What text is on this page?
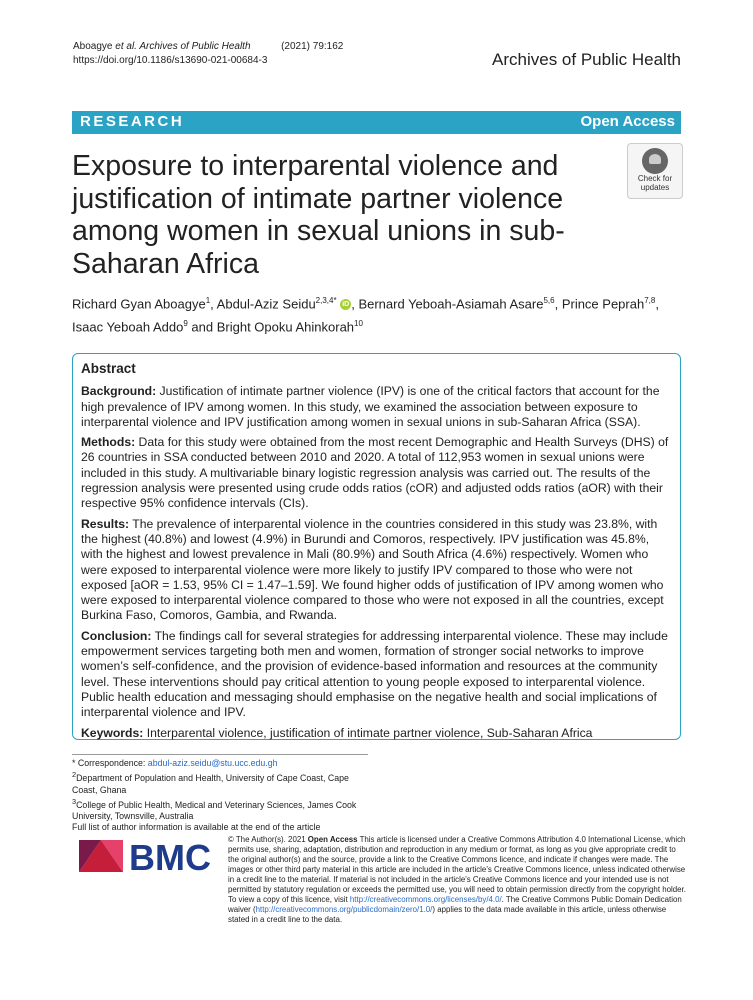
Aboagye et al. Archives of Public Health	(2021) 79:162
https://doi.org/10.1186/s13690-021-00684-3	Archives of Public Health
RESEARCH	Open Access
Exposure to interparental violence and justification of intimate partner violence among women in sexual unions in sub-Saharan Africa
Check for
updates
Richard Gyan Aboagye$^1$, Abdul-Aziz Seidu$^{2,3,4*}$ iD , Bernard Yeboah-Asiamah Asare$^{5,6}$, Prince Peprah$^{7,8}$, Isaac Yeboah Addo$^9$ and Bright Opoku Ahinkorah$^{10}$
Abstract

Background: Justification of intimate partner violence (IPV) is one of the critical factors that account for the high prevalence of IPV among women. In this study, we examined the association between exposure to interparental violence and IPV justification among women in sexual unions in sub-Saharan Africa (SSA).

Methods: Data for this study were obtained from the most recent Demographic and Health Surveys (DHS) of 26 countries in SSA conducted between 2010 and 2020. A total of 112,953 women in sexual unions were included in this study. A multivariable binary logistic regression analysis was carried out. The results of the regression analysis were presented using crude odds ratios (cOR) and adjusted odds ratios (aOR) with their respective 95% confidence intervals (CIs).

Results: The prevalence of interparental violence in the countries considered in this study was 23.8%, with the highest (40.8%) and lowest (4.9%) in Burundi and Comoros, respectively. IPV justification was 45.8%, with the highest and lowest prevalence in Mali (80.9%) and South Africa (4.6%) respectively. Women who were exposed to interparental violence were more likely to justify IPV compared to those who were not exposed [aOR = 1.53, 95% CI = 1.47–1.59]. We found higher odds of justification of IPV among women who were exposed to interparental violence compared to those who were not exposed in all the countries, except Burkina Faso, Comoros, Gambia, and Rwanda.

Conclusion: The findings call for several strategies for addressing interparental violence. These may include empowerment services targeting both men and women, formation of stronger social networks to improve women’s self-confidence, and the provision of evidence-based information and resources at the community level. These interventions should pay critical attention to young people exposed to interparental violence. Public health education and messaging should emphasise on the negative health and social implications of interparental violence and IPV.

Keywords: Interparental violence, justification of intimate partner violence, Sub-Saharan Africa

* Correspondence: abdul-aziz.seidu@stu.ucc.edu.gh
$^2$Department of Population and Health, University of Cape Coast, Cape Coast, Ghana
$^3$College of Public Health, Medical and Veterinary Sciences, James Cook University, Townsville, Australia
Full list of author information is available at the end of the article
BMC © The Author(s). 2021 Open Access This article is licensed under a Creative Commons Attribution 4.0 International License, which permits use, sharing, adaptation, distribution and reproduction in any medium or format, as long as you give appropriate credit to the original author(s) and the source, provide a link to the Creative Commons licence, and indicate if changes were made. The images or other third party material in this article are included in the article's Creative Commons licence, unless indicated otherwise in a credit line to the material. If material is not included in the article's Creative Commons licence and your intended use is not permitted by statutory regulation or exceeds the permitted use, you will need to obtain permission directly from the copyright holder. To view a copy of this licence, visit http://creativecommons.org/licenses/by/4.0/. The Creative Commons Public Domain Dedication waiver (http://creativecommons.org/publicdomain/zero/1.0/) applies to the data made available in this article, unless otherwise stated in a credit line to the data.
